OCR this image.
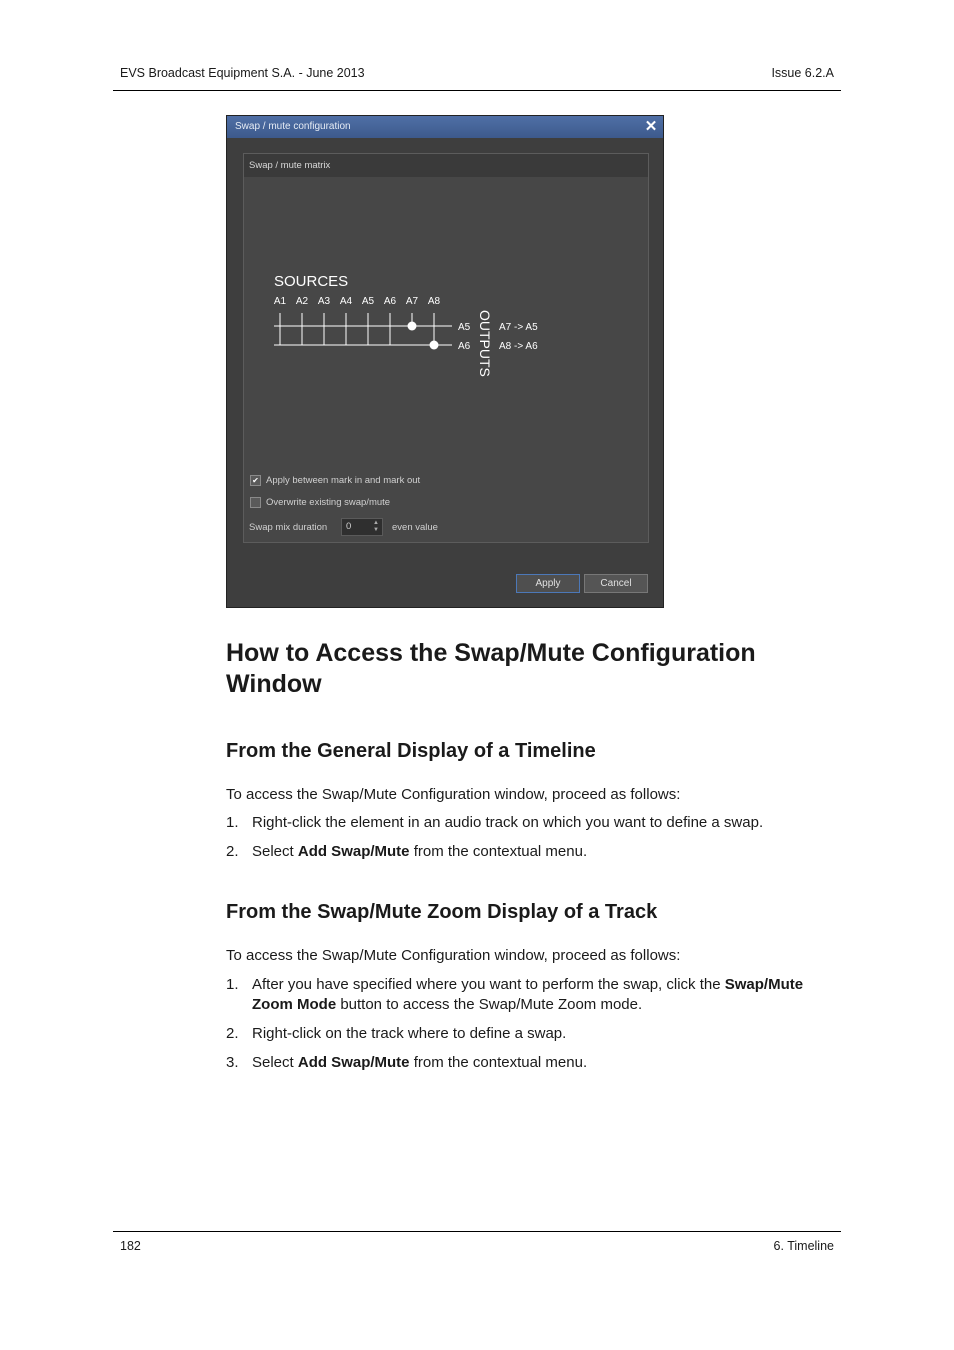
EVS Broadcast Equipment S.A. - June 2013	Issue 6.2.A
Swap / mute configuration	✕
Swap / mute matrix
SOURCES
A1 A2 A3 A4 A5 A6 A7 A8
A5	A7 -> A5
A6	A8 -> A6
OUTPUTS
✔ Apply between mark in and mark out
Overwrite existing swap/mute
Swap mix duration	0	▲
▼ even value
Apply	Cancel
How to Access the Swap/Mute Configuration Window
From the General Display of a Timeline
To access the Swap/Mute Configuration window, proceed as follows:
1. Right-click the element in an audio track on which you want to define a swap.
2. Select Add Swap/Mute from the contextual menu.
From the Swap/Mute Zoom Display of a Track
To access the Swap/Mute Configuration window, proceed as follows:
1. After you have specified where you want to perform the swap, click the Swap/Mute Zoom Mode button to access the Swap/Mute Zoom mode.
2. Right-click on the track where to define a swap.
3. Select Add Swap/Mute from the contextual menu.
182	6. Timeline
